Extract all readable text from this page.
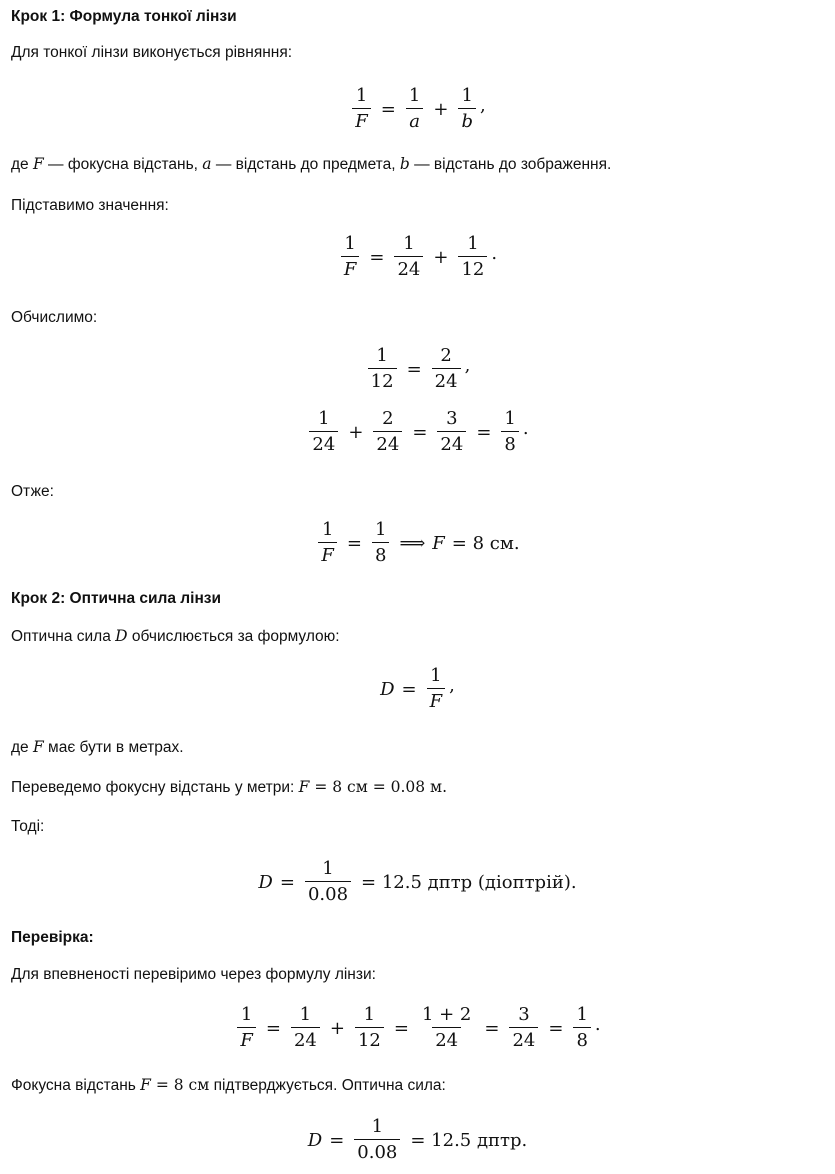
Крок 1: Формула тонкої лінзи
Для тонкої лінзи виконується рівняння:
$\frac{1}{F} = \frac{1}{a} + \frac{1}{b}$ ,
де F — фокусна відстань, a — відстань до предмета, b — відстань до зображення.
Підставимо значення:
$\frac{1}{F} = \frac{1}{24} + \frac{1}{12}$ .
Обчислимо:
$\frac{1}{12} = \frac{2}{24}$ ,
$\frac{1}{24} + \frac{2}{24} = \frac{3}{24} = \frac{1}{8}$ .
Отже:
$\frac{1}{F} = \frac{1}{8}$ ⟹ F = 8 см.
Крок 2: Оптична сила лінзи
Оптична сила D обчислюється за формулою:
$D = \frac{1}{F}$ ,
де F має бути в метрах.
Переведемо фокусну відстань у метри: F = 8 см = 0.08 м.
Тоді:
$D = \frac{1}{0.08} = 12.5$ дптр (діоптрій).
Перевірка:
Для впевненості перевіримо через формулу лінзи:
$\frac{1}{F} = \frac{1}{24} + \frac{1}{12} = \frac{1 + 2}{24} = \frac{3}{24} = \frac{1}{8}$ .
Фокусна відстань F = 8 см підтверджується. Оптична сила:
$D = \frac{1}{0.08} = 12.5$ дптр.
